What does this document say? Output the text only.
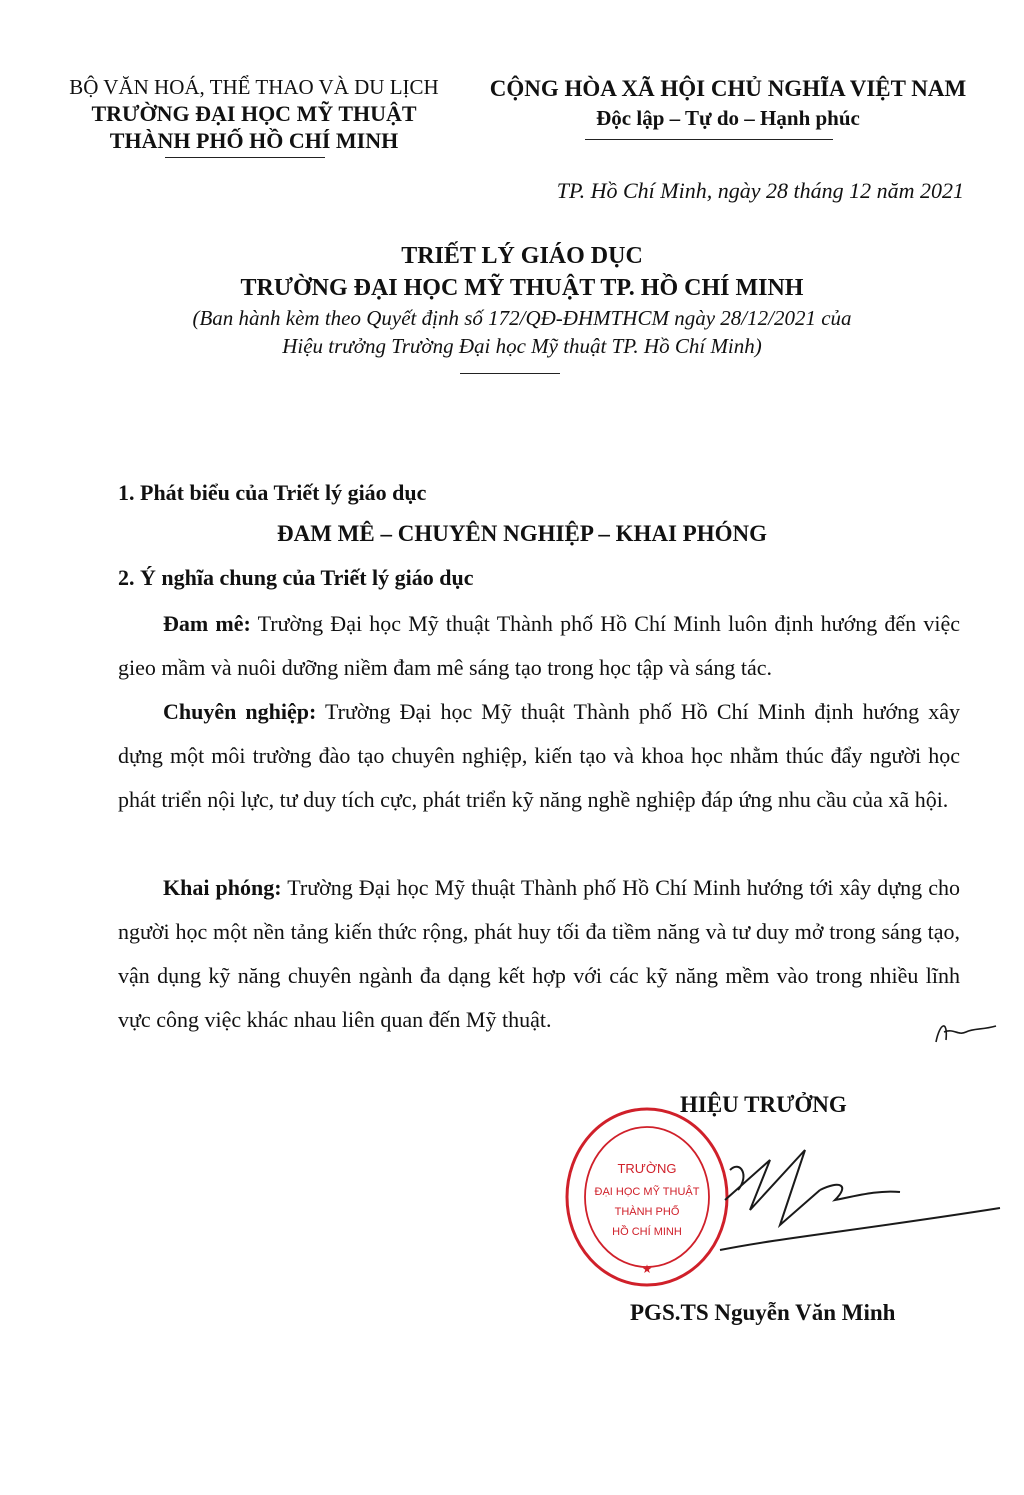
BỘ VĂN HOÁ, THỂ THAO VÀ DU LỊCH
TRƯỜNG ĐẠI HỌC MỸ THUẬT
THÀNH PHỐ HỒ CHÍ MINH
CỘNG HÒA XÃ HỘI CHỦ NGHĨA VIỆT NAM
Độc lập – Tự do – Hạnh phúc
TP. Hồ Chí Minh, ngày 28 tháng 12 năm 2021
TRIẾT LÝ GIÁO DỤC
TRƯỜNG ĐẠI HỌC MỸ THUẬT TP. HỒ CHÍ MINH
(Ban hành kèm theo Quyết định số 172/QĐ-ĐHMTHCM ngày 28/12/2021 của
Hiệu trưởng Trường Đại học Mỹ thuật TP. Hồ Chí Minh)
1. Phát biểu của Triết lý giáo dục
ĐAM MÊ – CHUYÊN NGHIỆP – KHAI PHÓNG
2. Ý nghĩa chung của Triết lý giáo dục
Đam mê: Trường Đại học Mỹ thuật Thành phố Hồ Chí Minh luôn định hướng đến việc gieo mầm và nuôi dưỡng niềm đam mê sáng tạo trong học tập và sáng tác.
Chuyên nghiệp: Trường Đại học Mỹ thuật Thành phố Hồ Chí Minh định hướng xây dựng một môi trường đào tạo chuyên nghiệp, kiến tạo và khoa học nhằm thúc đẩy người học phát triển nội lực, tư duy tích cực, phát triển kỹ năng nghề nghiệp đáp ứng nhu cầu của xã hội.
Khai phóng: Trường Đại học Mỹ thuật Thành phố Hồ Chí Minh hướng tới xây dựng cho người học một nền tảng kiến thức rộng, phát huy tối đa tiềm năng và tư duy mở trong sáng tạo, vận dụng kỹ năng chuyên ngành đa dạng kết hợp với các kỹ năng mềm vào trong nhiều lĩnh vực công việc khác nhau liên quan đến Mỹ thuật.
HIỆU TRƯỞNG
TRƯỜNG
ĐẠI HỌC MỸ THUẬT
THÀNH PHỐ
HỒ CHÍ MINH
★
PGS.TS Nguyễn Văn Minh
